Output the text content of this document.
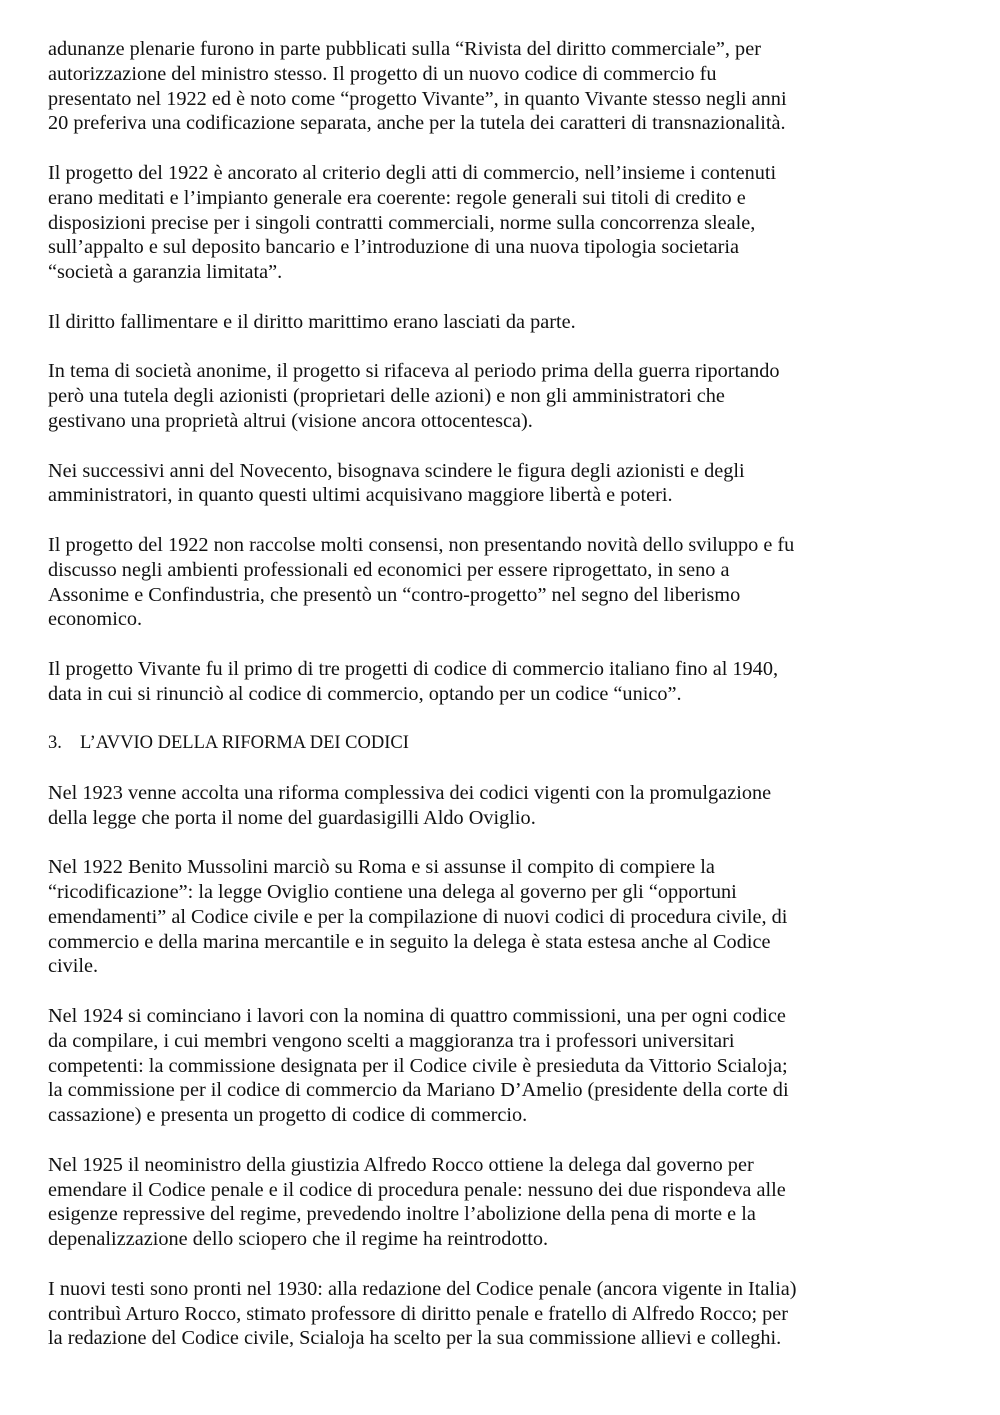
adunanze plenarie furono in parte pubblicati sulla “Rivista del diritto commerciale”, per
autorizzazione del ministro stesso. Il progetto di un nuovo codice di commercio fu
presentato nel 1922 ed è noto come “progetto Vivante”, in quanto Vivante stesso negli anni
20 preferiva una codificazione separata, anche per la tutela dei caratteri di transnazionalità.

Il progetto del 1922 è ancorato al criterio degli atti di commercio, nell’insieme i contenuti
erano meditati e l’impianto generale era coerente: regole generali sui titoli di credito e
disposizioni precise per i singoli contratti commerciali, norme sulla concorrenza sleale,
sull’appalto e sul deposito bancario e l’introduzione di una nuova tipologia societaria
“società a garanzia limitata”.

Il diritto fallimentare e il diritto marittimo erano lasciati da parte.

In tema di società anonime, il progetto si rifaceva al periodo prima della guerra riportando
però una tutela degli azionisti (proprietari delle azioni) e non gli amministratori che
gestivano una proprietà altrui (visione ancora ottocentesca).

Nei successivi anni del Novecento, bisognava scindere le figura degli azionisti e degli
amministratori, in quanto questi ultimi acquisivano maggiore libertà e poteri.

Il progetto del 1922 non raccolse molti consensi, non presentando novità dello sviluppo e fu
discusso negli ambienti professionali ed economici per essere riprogettato, in seno a
Assonime e Confindustria, che presentò un “contro-progetto” nel segno del liberismo
economico.

Il progetto Vivante fu il primo di tre progetti di codice di commercio italiano fino al 1940,
data in cui si rinunciò al codice di commercio, optando per un codice “unico”.

3. L’AVVIO DELLA RIFORMA DEI CODICI

Nel 1923 venne accolta una riforma complessiva dei codici vigenti con la promulgazione
della legge che porta il nome del guardasigilli Aldo Oviglio.

Nel 1922 Benito Mussolini marciò su Roma e si assunse il compito di compiere la
“ricodificazione”: la legge Oviglio contiene una delega al governo per gli “opportuni
emendamenti” al Codice civile e per la compilazione di nuovi codici di procedura civile, di
commercio e della marina mercantile e in seguito la delega è stata estesa anche al Codice
civile.

Nel 1924 si cominciano i lavori con la nomina di quattro commissioni, una per ogni codice
da compilare, i cui membri vengono scelti a maggioranza tra i professori universitari
competenti: la commissione designata per il Codice civile è presieduta da Vittorio Scialoja;
la commissione per il codice di commercio da Mariano D’Amelio (presidente della corte di
cassazione) e presenta un progetto di codice di commercio.

Nel 1925 il neoministro della giustizia Alfredo Rocco ottiene la delega dal governo per
emendare il Codice penale e il codice di procedura penale: nessuno dei due rispondeva alle
esigenze repressive del regime, prevedendo inoltre l’abolizione della pena di morte e la
depenalizzazione dello sciopero che il regime ha reintrodotto.

I nuovi testi sono pronti nel 1930: alla redazione del Codice penale (ancora vigente in Italia)
contribuì Arturo Rocco, stimato professore di diritto penale e fratello di Alfredo Rocco; per
la redazione del Codice civile, Scialoja ha scelto per la sua commissione allievi e colleghi.
